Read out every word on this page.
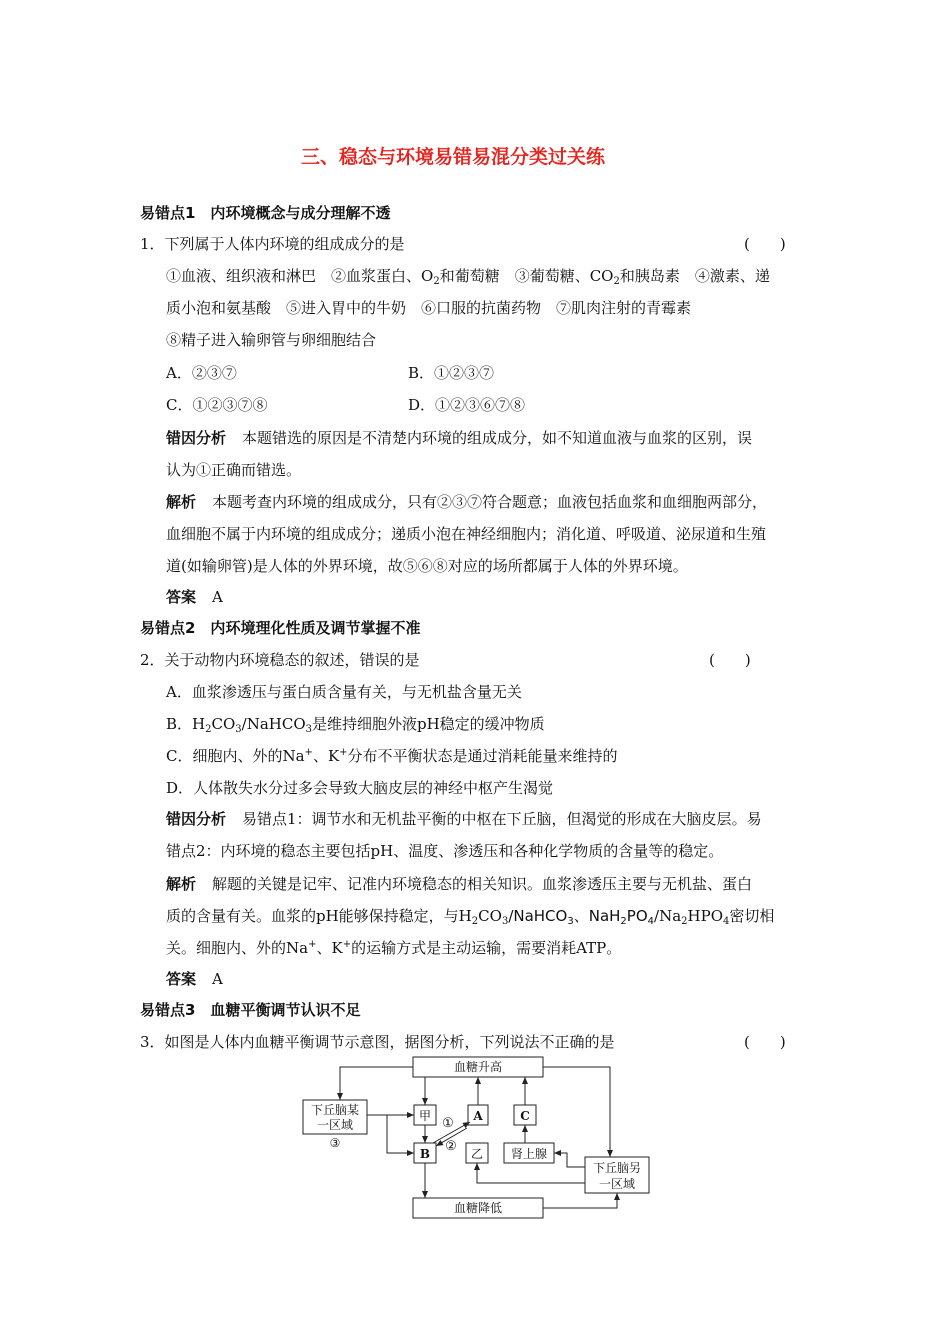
三、稳态与环境易错易混分类过关练
易错点1　内环境概念与成分理解不透
1．下列属于人体内环境的组成成分的是	(　　)
①血液、组织液和淋巴　②血浆蛋白、$O_2$和葡萄糖　③葡萄糖、$CO_2$和胰岛素　④激素、递
质小泡和氨基酸　⑤进入胃中的牛奶　⑥口服的抗菌药物　⑦肌肉注射的青霉素
⑧精子进入输卵管与卵细胞结合
A．②③⑦	B．①②③⑦
C．①②③⑦⑧	D．①②③⑥⑦⑧
错因分析 本题错选的原因是不清楚内环境的组成成分，如不知道血液与血浆的区别，误
认为①正确而错选。
解析 本题考查内环境的组成成分，只有②③⑦符合题意；血液包括血浆和血细胞两部分，
血细胞不属于内环境的组成成分；递质小泡在神经细胞内；消化道、呼吸道、泌尿道和生殖
道(如输卵管)是人体的外界环境，故⑤⑥⑧对应的场所都属于人体的外界环境。
答案 A
易错点2　内环境理化性质及调节掌握不准
2．关于动物内环境稳态的叙述，错误的是	(　　)
A．血浆渗透压与蛋白质含量有关，与无机盐含量无关
B．$H_2CO_3/NaHCO_3$是维持细胞外液pH稳定的缓冲物质
C．细胞内、外的Na+、K+分布不平衡状态是通过消耗能量来维持的
D．人体散失水分过多会导致大脑皮层的神经中枢产生渴觉
错因分析 易错点1：调节水和无机盐平衡的中枢在下丘脑，但渴觉的形成在大脑皮层。易
错点2：内环境的稳态主要包括pH、温度、渗透压和各种化学物质的含量等的稳定。
解析 解题的关键是记牢、记准内环境稳态的相关知识。血浆渗透压主要与无机盐、蛋白
质的含量有关。血浆的pH能够保持稳定，与$H_2CO_3/NaHCO_3$、$NaH_2PO_4/Na_2HPO_4$密切相
关。细胞内、外的Na+、K+的运输方式是主动运输，需要消耗ATP。
答案 A
易错点3　血糖平衡调节认识不足
3．如图是人体内血糖平衡调节示意图，据图分析，下列说法不正确的是	(　　)
血糖升高
血糖降低
下丘脑某
一区域
③
甲	A	C
B	乙 肾上腺
下丘脑另
一区域
①
②
